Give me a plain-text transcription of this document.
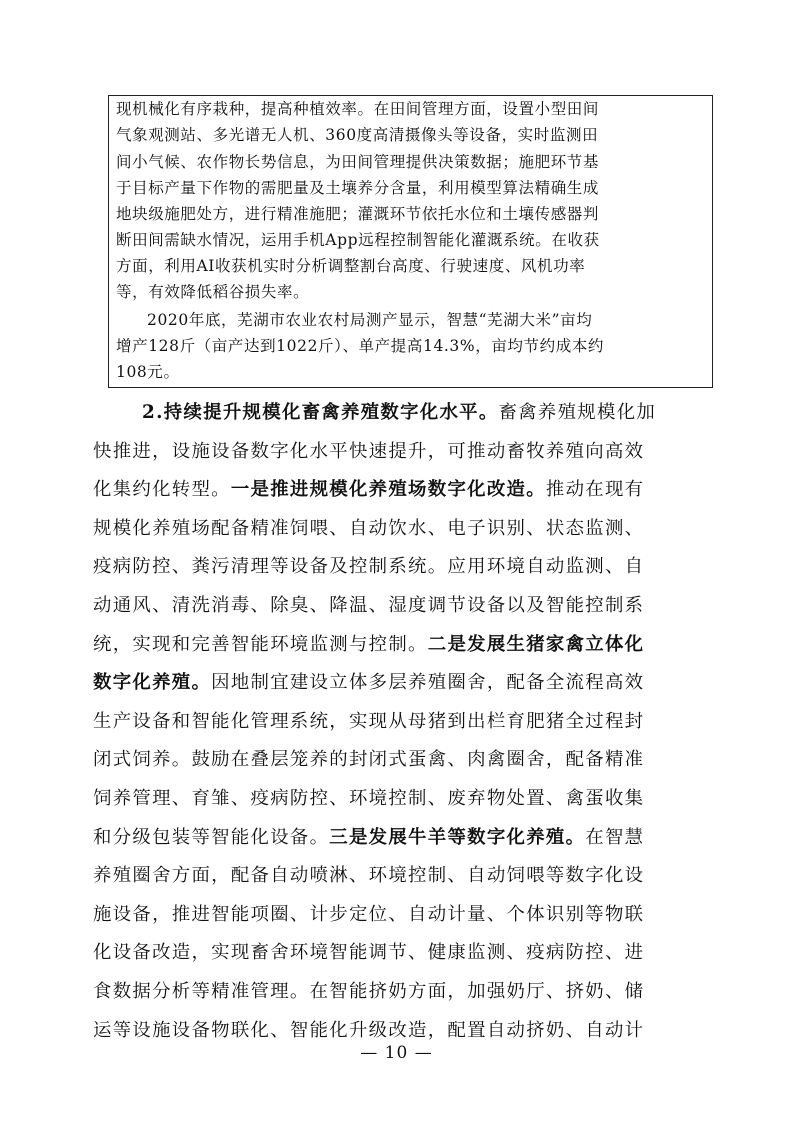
现机械化有序栽种，提高种植效率。在田间管理方面，设置小型田间
气象观测站、多光谱无人机、360度高清摄像头等设备，实时监测田
间小气候、农作物长势信息，为田间管理提供决策数据；施肥环节基
于目标产量下作物的需肥量及土壤养分含量，利用模型算法精确生成
地块级施肥处方，进行精准施肥；灌溉环节依托水位和土壤传感器判
断田间需缺水情况，运用手机App远程控制智能化灌溉系统。在收获
方面，利用AI收获机实时分析调整割台高度、行驶速度、风机功率
等，有效降低稻谷损失率。
2020年底，芜湖市农业农村局测产显示，智慧“芜湖大米”亩均
增产128斤（亩产达到1022斤）、单产提高14.3%，亩均节约成本约
108元。
2.持续提升规模化畜禽养殖数字化水平。畜禽养殖规模化加
快推进，设施设备数字化水平快速提升，可推动畜牧养殖向高效
化集约化转型。一是推进规模化养殖场数字化改造。推动在现有
规模化养殖场配备精准饲喂、自动饮水、电子识别、状态监测、
疫病防控、粪污清理等设备及控制系统。应用环境自动监测、自
动通风、清洗消毒、除臭、降温、湿度调节设备以及智能控制系
统，实现和完善智能环境监测与控制。二是发展生猪家禽立体化
数字化养殖。因地制宜建设立体多层养殖圈舍，配备全流程高效
生产设备和智能化管理系统，实现从母猪到出栏育肥猪全过程封
闭式饲养。鼓励在叠层笼养的封闭式蛋禽、肉禽圈舍，配备精准
饲养管理、育雏、疫病防控、环境控制、废弃物处置、禽蛋收集
和分级包装等智能化设备。三是发展牛羊等数字化养殖。在智慧
养殖圈舍方面，配备自动喷淋、环境控制、自动饲喂等数字化设
施设备，推进智能项圈、计步定位、自动计量、个体识别等物联
化设备改造，实现畜舍环境智能调节、健康监测、疫病防控、进
食数据分析等精准管理。在智能挤奶方面，加强奶厅、挤奶、储
运等设施设备物联化、智能化升级改造，配置自动挤奶、自动计
— 10 —
